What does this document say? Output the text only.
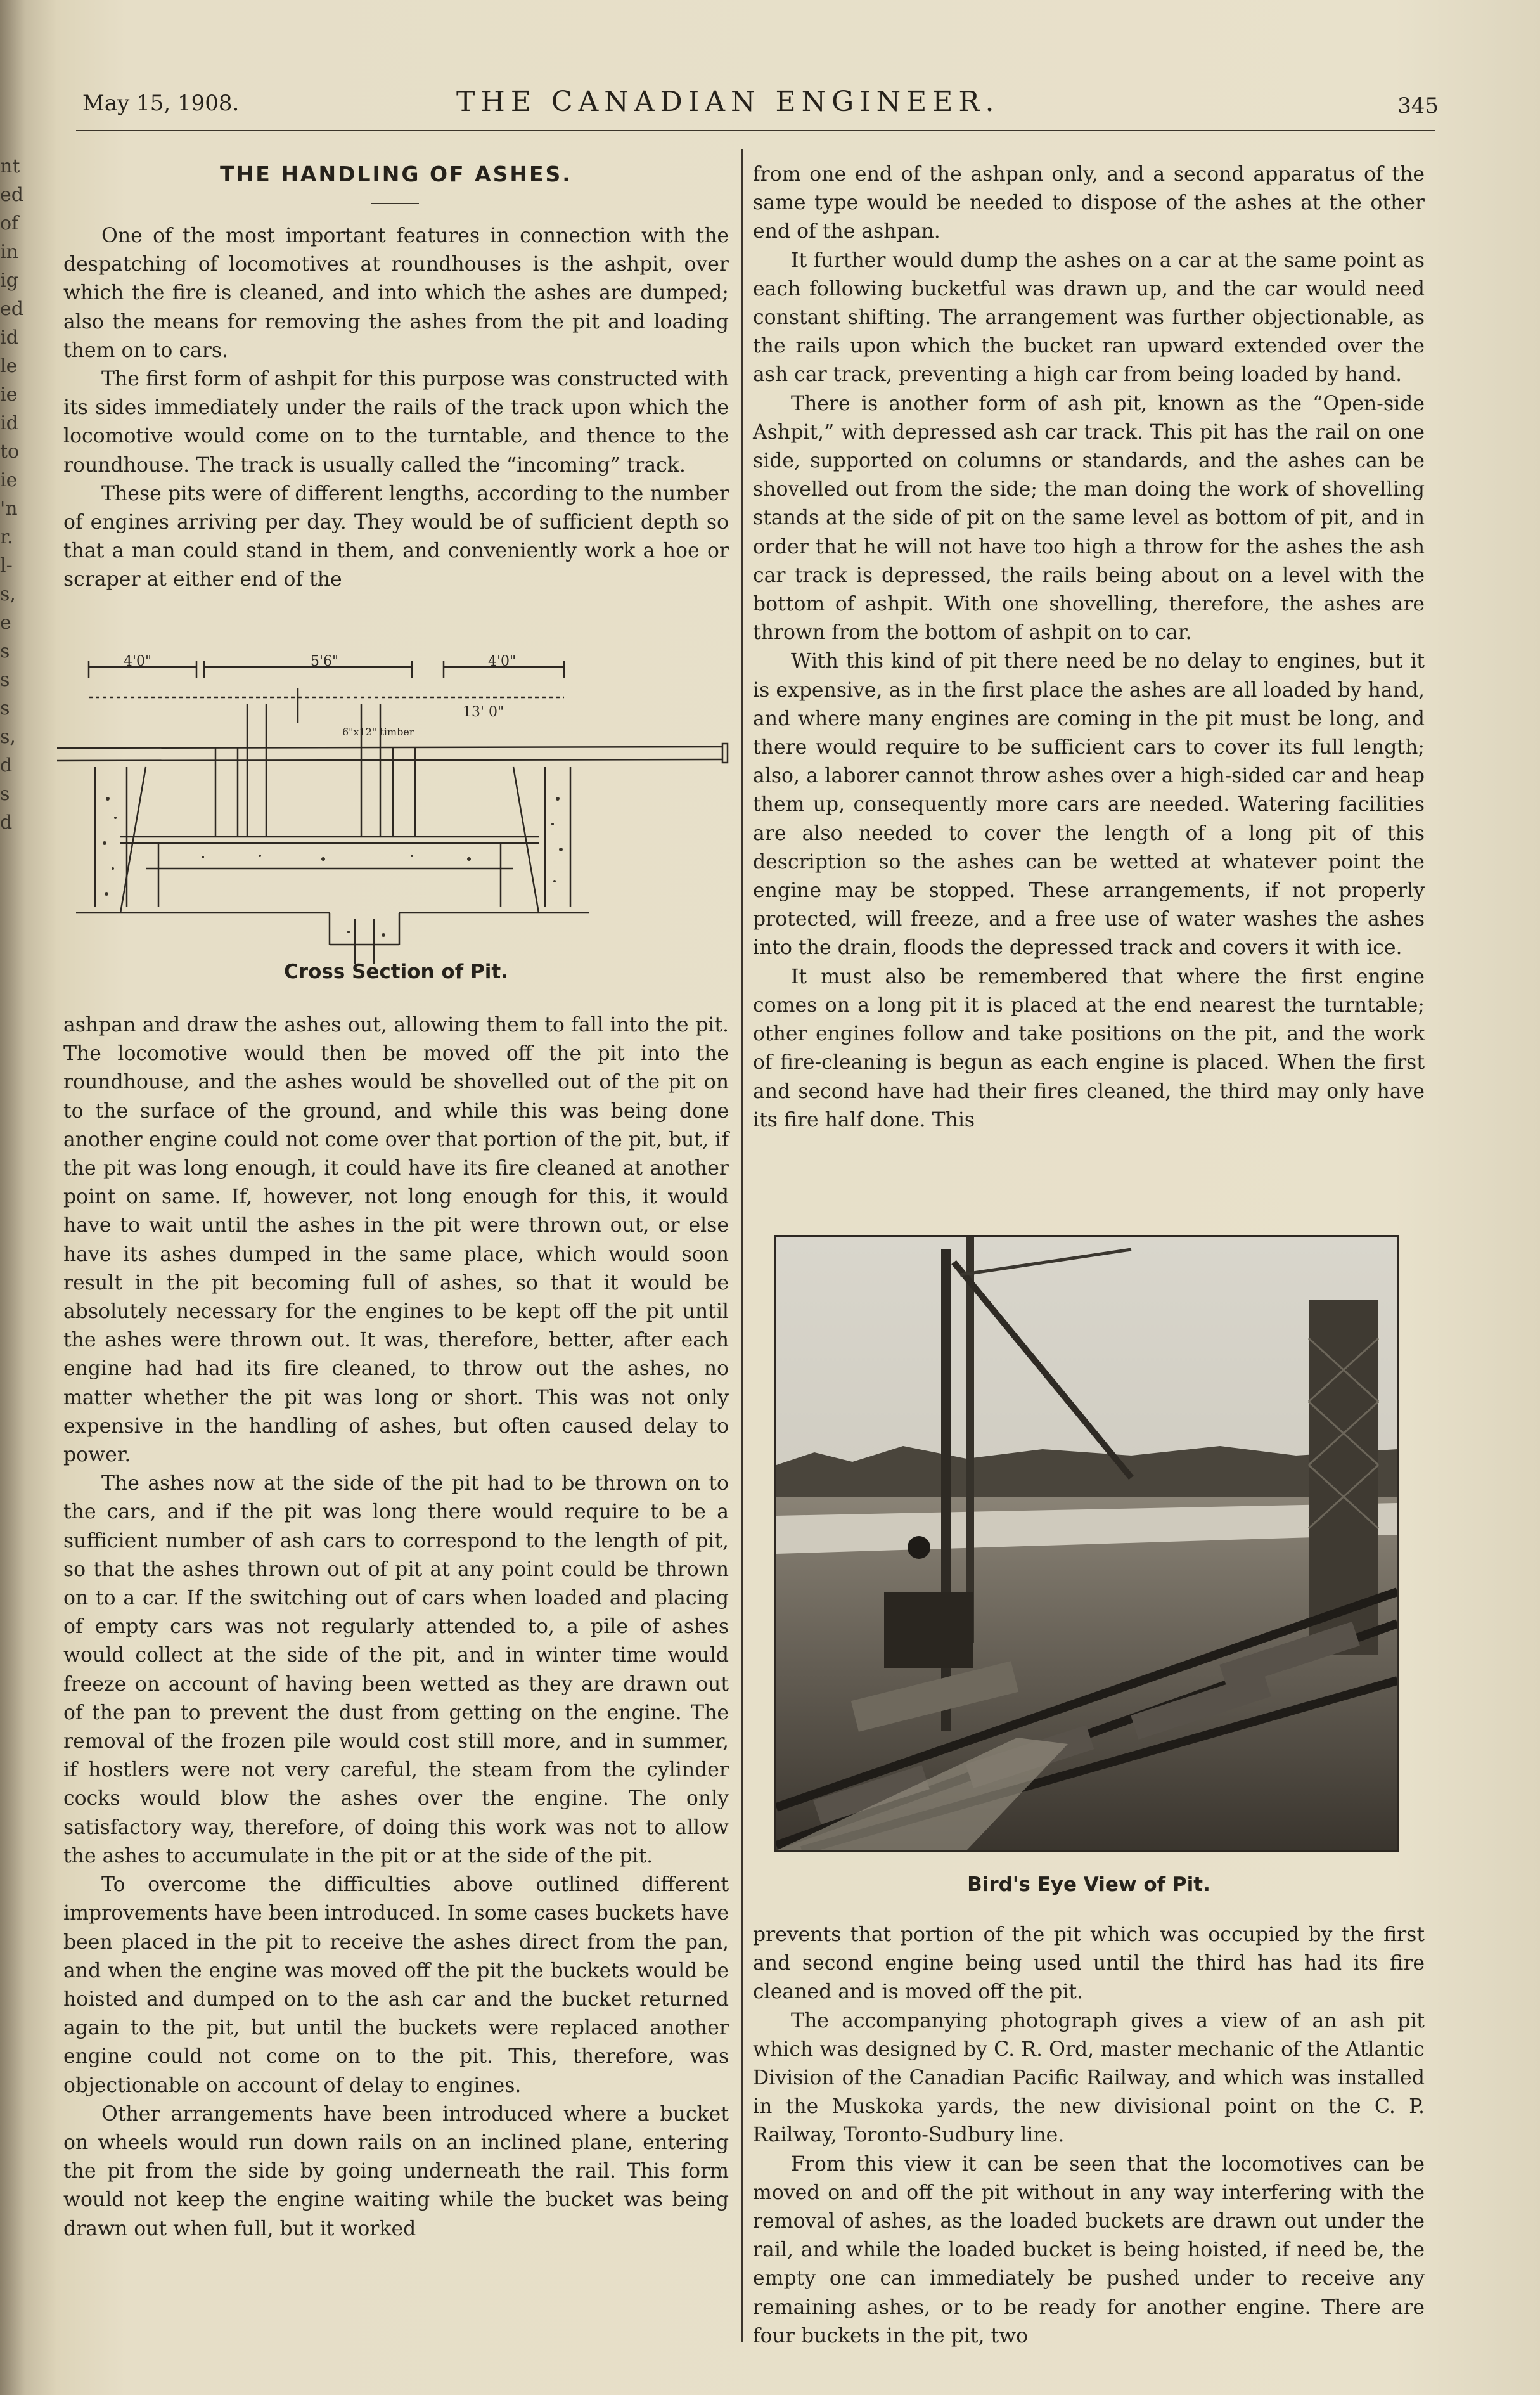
nt
ed
of
in
ig
ed
id
le
ie
id
to
ie
'n
r.
l-
s,
e
s
s
s
s,
d
s
d
May 15, 1908.	THE CANADIAN ENGINEER.	345
THE HANDLING OF ASHES.

One of the most important features in connection with the despatching of locomotives at roundhouses is the ashpit, over which the fire is cleaned, and into which the ashes are dumped; also the means for removing the ashes from the pit and loading them on to cars.

The first form of ashpit for this purpose was constructed with its sides immediately under the rails of the track upon which the locomotive would come on to the turntable, and thence to the roundhouse. The track is usually called the “incoming” track.

These pits were of different lengths, according to the number of engines arriving per day. They would be of sufficient depth so that a man could stand in them, and conveniently work a hoe or scraper at either end of the

4'0"	5'6"	4'0"
13' 0"
6"x12" timber
Cross Section of Pit.

ashpan and draw the ashes out, allowing them to fall into the pit. The locomotive would then be moved off the pit into the roundhouse, and the ashes would be shovelled out of the pit on to the surface of the ground, and while this was being done another engine could not come over that portion of the pit, but, if the pit was long enough, it could have its fire cleaned at another point on same. If, however, not long enough for this, it would have to wait until the ashes in the pit were thrown out, or else have its ashes dumped in the same place, which would soon result in the pit becoming full of ashes, so that it would be absolutely necessary for the engines to be kept off the pit until the ashes were thrown out. It was, therefore, better, after each engine had had its fire cleaned, to throw out the ashes, no matter whether the pit was long or short. This was not only expensive in the handling of ashes, but often caused delay to power.

The ashes now at the side of the pit had to be thrown on to the cars, and if the pit was long there would require to be a sufficient number of ash cars to correspond to the length of pit, so that the ashes thrown out of pit at any point could be thrown on to a car. If the switching out of cars when loaded and placing of empty cars was not regularly attended to, a pile of ashes would collect at the side of the pit, and in winter time would freeze on account of having been wetted as they are drawn out of the pan to prevent the dust from getting on the engine. The removal of the frozen pile would cost still more, and in summer, if hostlers were not very careful, the steam from the cylinder cocks would blow the ashes over the engine. The only satisfactory way, therefore, of doing this work was not to allow the ashes to accumulate in the pit or at the side of the pit.

To overcome the difficulties above outlined different improvements have been introduced. In some cases buckets have been placed in the pit to receive the ashes direct from the pan, and when the engine was moved off the pit the buckets would be hoisted and dumped on to the ash car and the bucket returned again to the pit, but until the buckets were replaced another engine could not come on to the pit. This, therefore, was objectionable on account of delay to engines.

Other arrangements have been introduced where a bucket on wheels would run down rails on an inclined plane, entering the pit from the side by going underneath the rail. This form would not keep the engine waiting while the bucket was being drawn out when full, but it worked

from one end of the ashpan only, and a second apparatus of the same type would be needed to dispose of the ashes at the other end of the ashpan.

It further would dump the ashes on a car at the same point as each following bucketful was drawn up, and the car would need constant shifting. The arrangement was further objectionable, as the rails upon which the bucket ran upward extended over the ash car track, preventing a high car from being loaded by hand.

There is another form of ash pit, known as the “Open-side Ashpit,” with depressed ash car track. This pit has the rail on one side, supported on columns or standards, and the ashes can be shovelled out from the side; the man doing the work of shovelling stands at the side of pit on the same level as bottom of pit, and in order that he will not have too high a throw for the ashes the ash car track is depressed, the rails being about on a level with the bottom of ashpit. With one shovelling, therefore, the ashes are thrown from the bottom of ashpit on to car.

With this kind of pit there need be no delay to engines, but it is expensive, as in the first place the ashes are all loaded by hand, and where many engines are coming in the pit must be long, and there would require to be sufficient cars to cover its full length; also, a laborer cannot throw ashes over a high-sided car and heap them up, consequently more cars are needed. Watering facilities are also needed to cover the length of a long pit of this description so the ashes can be wetted at whatever point the engine may be stopped. These arrangements, if not properly protected, will freeze, and a free use of water washes the ashes into the drain, floods the depressed track and covers it with ice.

It must also be remembered that where the first engine comes on a long pit it is placed at the end nearest the turntable; other engines follow and take positions on the pit, and the work of fire-cleaning is begun as each engine is placed. When the first and second have had their fires cleaned, the third may only have its fire half done. This

Bird's Eye View of Pit.

prevents that portion of the pit which was occupied by the first and second engine being used until the third has had its fire cleaned and is moved off the pit.

The accompanying photograph gives a view of an ash pit which was designed by C. R. Ord, master mechanic of the Atlantic Division of the Canadian Pacific Railway, and which was installed in the Muskoka yards, the new divisional point on the C. P. Railway, Toronto-Sudbury line.

From this view it can be seen that the locomotives can be moved on and off the pit without in any way interfering with the removal of ashes, as the loaded buckets are drawn out under the rail, and while the loaded bucket is being hoisted, if need be, the empty one can immediately be pushed under to receive any remaining ashes, or to be ready for another engine. There are four buckets in the pit, two
